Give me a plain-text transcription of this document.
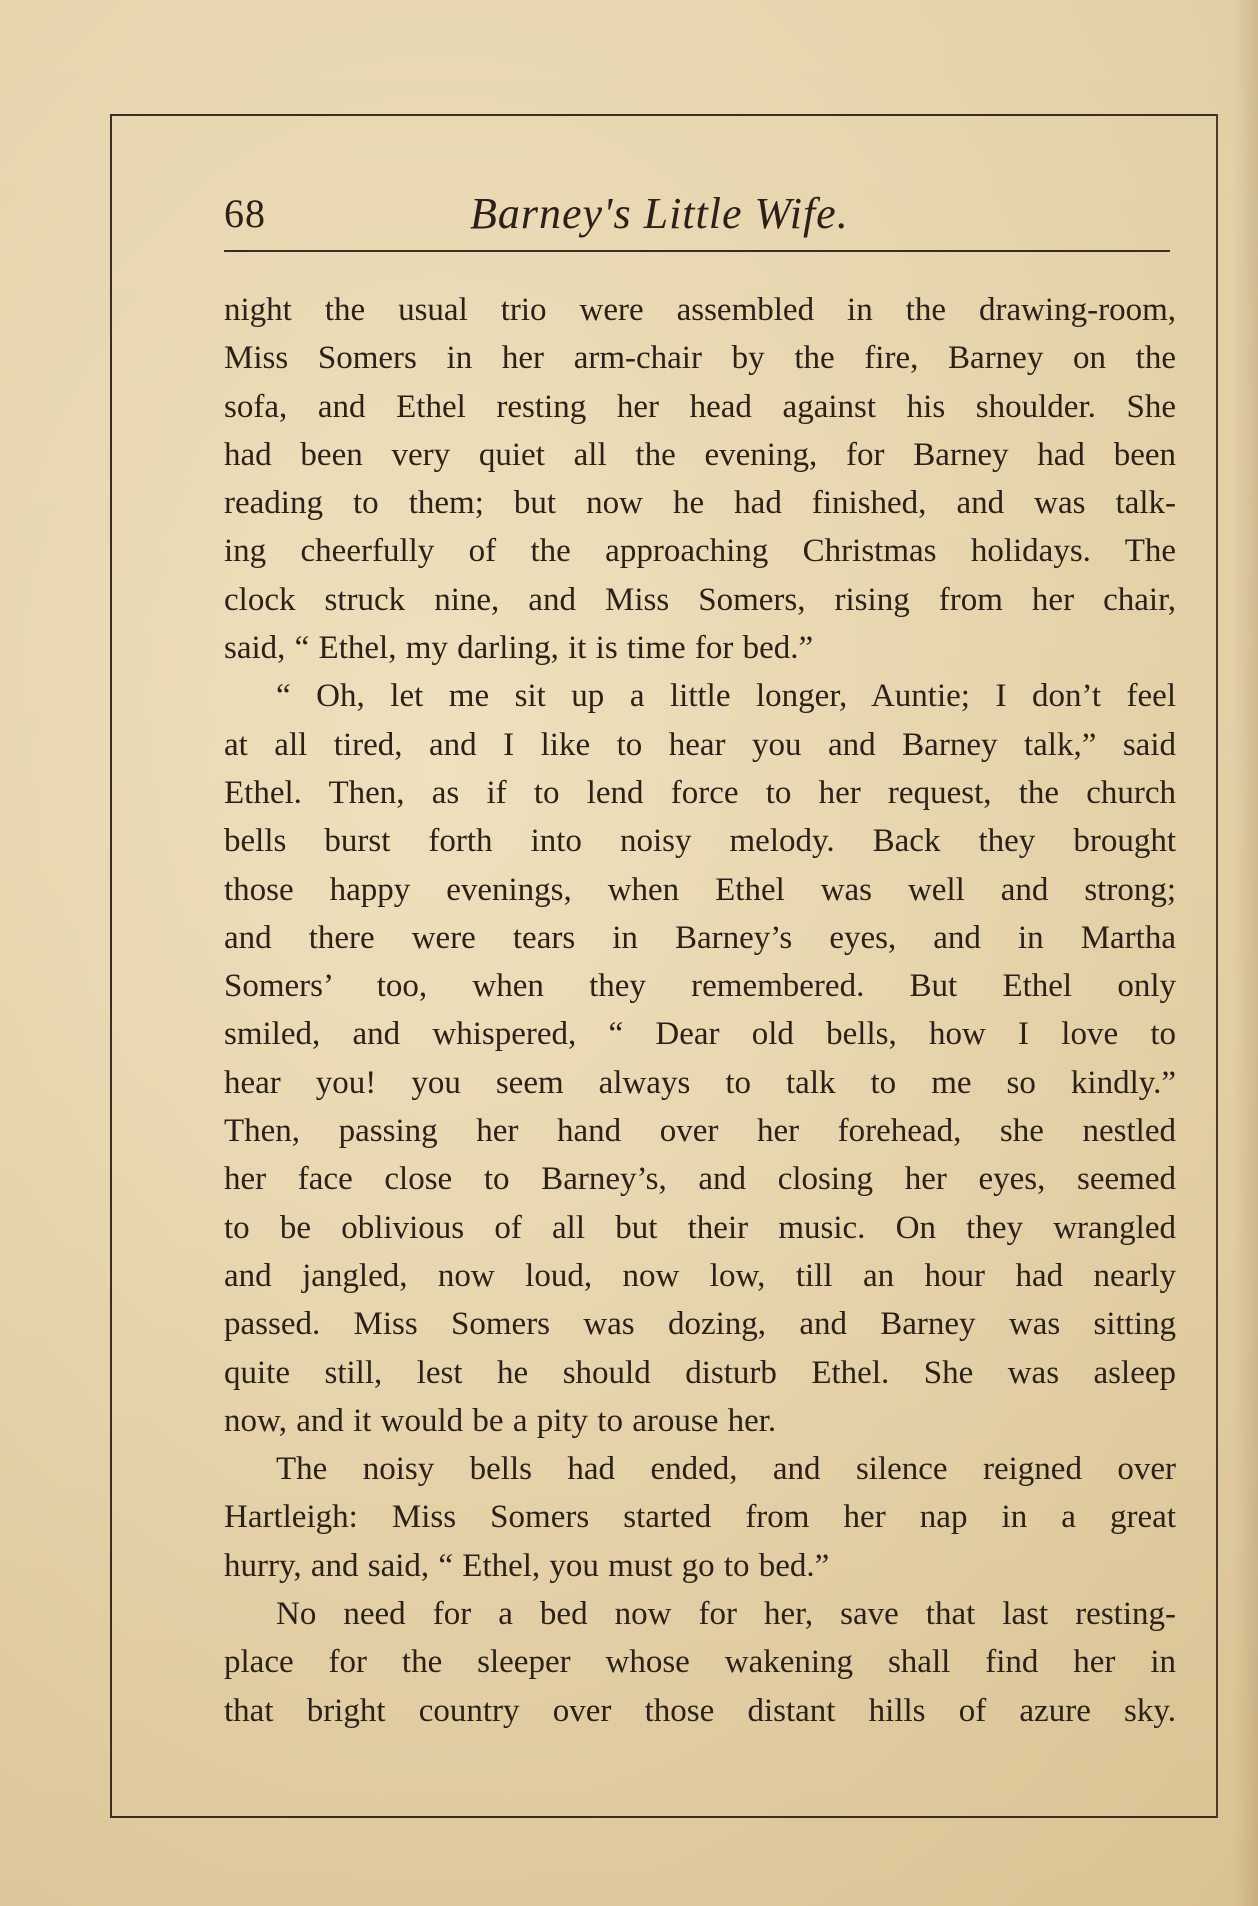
68	Barney's Little Wife.
night the usual trio were assembled in the drawing-room,
Miss Somers in her arm-chair by the fire, Barney on the
sofa, and Ethel resting her head against his shoulder. She
had been very quiet all the evening, for Barney had been
reading to them; but now he had finished, and was talk-
ing cheerfully of the approaching Christmas holidays. The
clock struck nine, and Miss Somers, rising from her chair,
said, “ Ethel, my darling, it is time for bed.”
“ Oh, let me sit up a little longer, Auntie; I don’t feel
at all tired, and I like to hear you and Barney talk,” said
Ethel. Then, as if to lend force to her request, the church
bells burst forth into noisy melody. Back they brought
those happy evenings, when Ethel was well and strong;
and there were tears in Barney’s eyes, and in Martha
Somers’ too, when they remembered. But Ethel only
smiled, and whispered, “ Dear old bells, how I love to
hear you! you seem always to talk to me so kindly.”
Then, passing her hand over her forehead, she nestled
her face close to Barney’s, and closing her eyes, seemed
to be oblivious of all but their music. On they wrangled
and jangled, now loud, now low, till an hour had nearly
passed. Miss Somers was dozing, and Barney was sitting
quite still, lest he should disturb Ethel. She was asleep
now, and it would be a pity to arouse her.
The noisy bells had ended, and silence reigned over
Hartleigh: Miss Somers started from her nap in a great
hurry, and said, “ Ethel, you must go to bed.”
No need for a bed now for her, save that last resting-
place for the sleeper whose wakening shall find her in
that bright country over those distant hills of azure sky.
